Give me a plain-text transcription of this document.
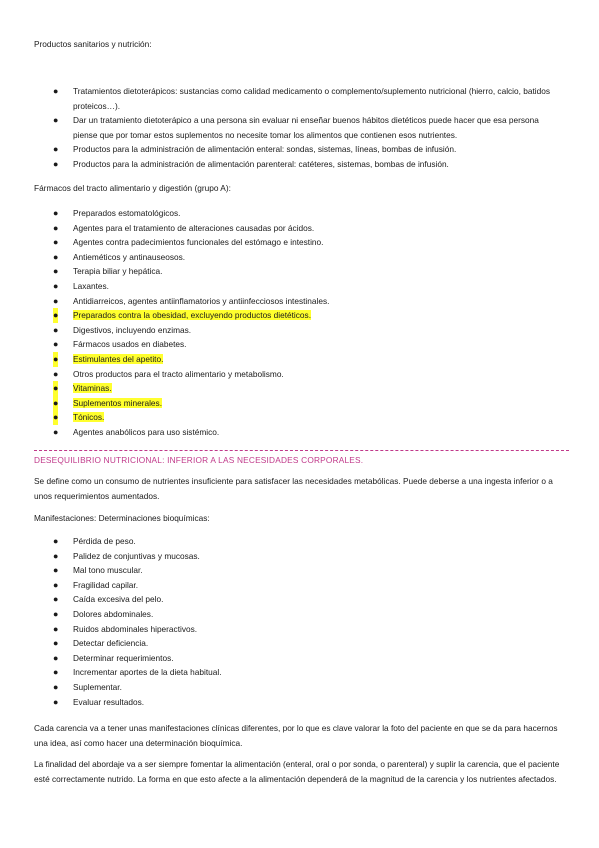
Productos sanitarios y nutrición:

● Tratamientos dietoterápicos: sustancias como calidad medicamento o complemento/suplemento nutricional (hierro, calcio, batidos proteicos…).
● Dar un tratamiento dietoterápico a una persona sin evaluar ni enseñar buenos hábitos dietéticos puede hacer que esa persona piense que por tomar estos suplementos no necesite tomar los alimentos que contienen esos nutrientes.
● Productos para la administración de alimentación enteral: sondas, sistemas, líneas, bombas de infusión.
● Productos para la administración de alimentación parenteral: catéteres, sistemas, bombas de infusión.

Fármacos del tracto alimentario y digestión (grupo A):

● Preparados estomatológicos.
● Agentes para el tratamiento de alteraciones causadas por ácidos.
● Agentes contra padecimientos funcionales del estómago e intestino.
● Antieméticos y antinauseosos.
● Terapia biliar y hepática.
● Laxantes.
● Antidiarreicos, agentes antiinflamatorios y antiinfecciosos intestinales.
● Preparados contra la obesidad, excluyendo productos dietéticos.
● Digestivos, incluyendo enzimas.
● Fármacos usados en diabetes.
● Estimulantes del apetito.
● Otros productos para el tracto alimentario y metabolismo.
● Vitaminas.
● Suplementos minerales.
● Tónicos.
● Agentes anabólicos para uso sistémico.

DESEQUILIBRIO NUTRICIONAL: INFERIOR A LAS NECESIDADES CORPORALES.

Se define como un consumo de nutrientes insuficiente para satisfacer las necesidades metabólicas. Puede deberse a una ingesta inferior o a unos requerimientos aumentados.

Manifestaciones: Determinaciones bioquímicas:

● Pérdida de peso.
● Palidez de conjuntivas y mucosas.
● Mal tono muscular.
● Fragilidad capilar.
● Caída excesiva del pelo.
● Dolores abdominales.
● Ruidos abdominales hiperactivos.
● Detectar deficiencia.
● Determinar requerimientos.
● Incrementar aportes de la dieta habitual.
● Suplementar.
● Evaluar resultados.

Cada carencia va a tener unas manifestaciones clínicas diferentes, por lo que es clave valorar la foto del paciente en que se da para hacernos una idea, así como hacer una determinación bioquímica.

La finalidad del abordaje va a ser siempre fomentar la alimentación (enteral, oral o por sonda, o parenteral) y suplir la carencia, que el paciente esté correctamente nutrido. La forma en que esto afecte a la alimentación dependerá de la magnitud de la carencia y los nutrientes afectados.
